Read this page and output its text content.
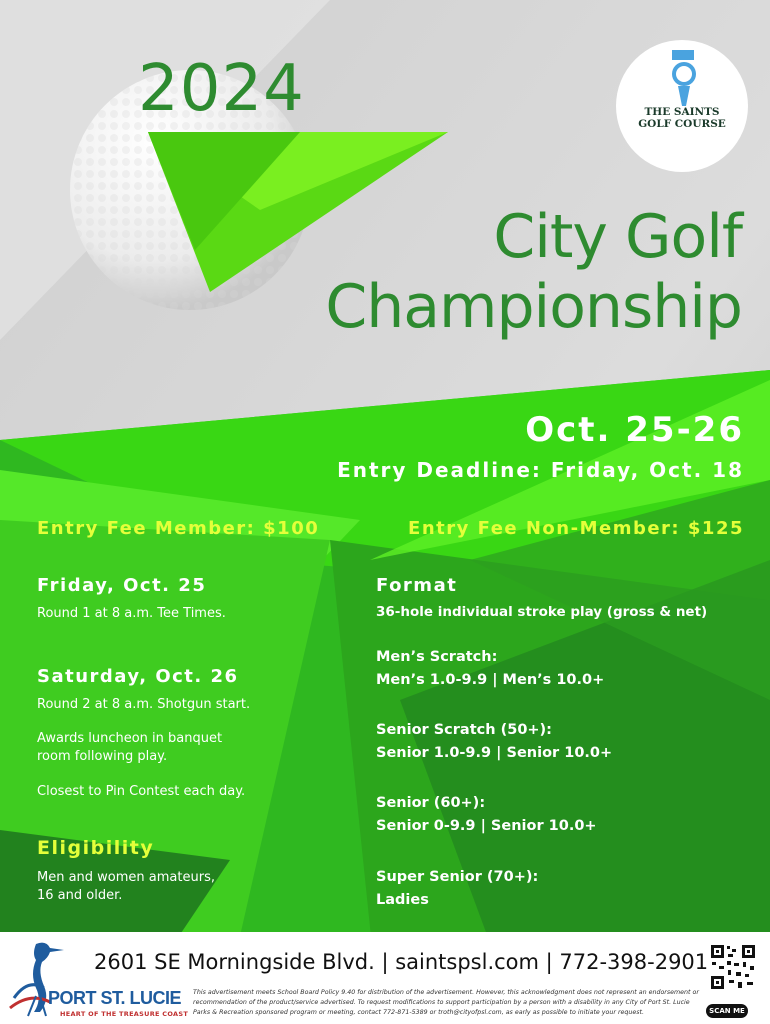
THE SAINTS
GOLF COURSE
2024
City Golf
Championship
Oct. 25-26
Entry Deadline: Friday, Oct. 18
Entry Fee Member: $100	Entry Fee Non-Member: $125
Friday, Oct. 25
Round 1 at 8 a.m. Tee Times.
Saturday, Oct. 26
Round 2 at 8 a.m. Shotgun start.
Awards luncheon in banquet
room following play.
Closest to Pin Contest each day.
Eligibility
Men and women amateurs,
16 and older.
Format
36-hole individual stroke play (gross & net)
Men’s Scratch:
Men’s 1.0-9.9 | Men’s 10.0+
Senior Scratch (50+):
Senior 1.0-9.9 | Senior 10.0+
Senior (60+):
Senior 0-9.9 | Senior 10.0+
Super Senior (70+):
Ladies
PORT ST. LUCIE
HEART OF THE TREASURE COAST
2601 SE Morningside Blvd. | saintspsl.com | 772-398-2901
This advertisement meets School Board Policy 9.40 for distribution of the advertisement. However, this acknowledgment does not represent an endorsement or recommendation of the product/service advertised. To request modifications to support participation by a person with a disability in any City of Port St. Lucie Parks & Recreation sponsored program or meeting, contact 772-871-5389 or troth@cityofpsl.com, as early as possible to initiate your request.	SCAN ME
